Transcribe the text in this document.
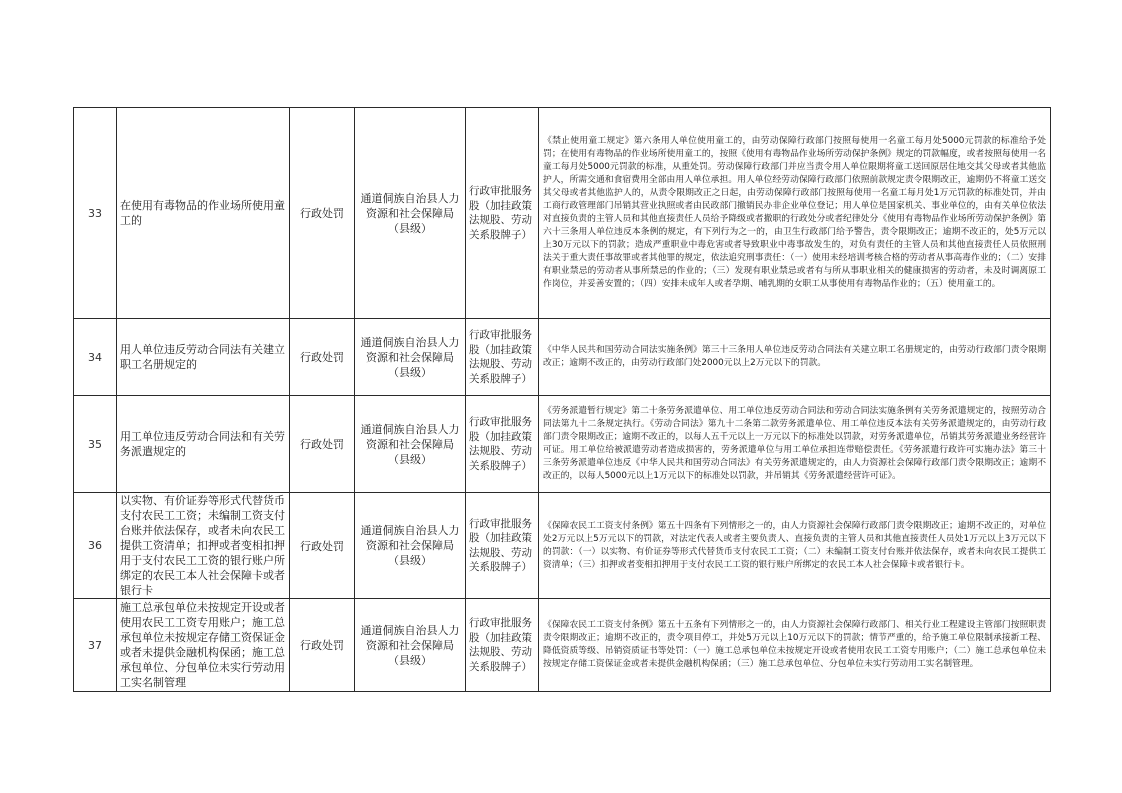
33	在使用有毒物品的作业场所使用童工的	行政处罚	通道侗族自治县人力资源和社会保障局（县级）	行政审批服务股（加挂政策法规股、劳动关系股牌子）	《禁止使用童工规定》第六条用人单位使用童工的，由劳动保障行政部门按照每使用一名童工每月处5000元罚款的标准给予处罚；在使用有毒物品的作业场所使用童工的，按照《使用有毒物品作业场所劳动保护条例》规定的罚款幅度，或者按照每使用一名童工每月处5000元罚款的标准，从重处罚。劳动保障行政部门并应当责令用人单位限期将童工送回原居住地交其父母或者其他监护人，所需交通和食宿费用全部由用人单位承担。用人单位经劳动保障行政部门依照前款规定责令限期改正，逾期仍不将童工送交其父母或者其他监护人的，从责令限期改正之日起，由劳动保障行政部门按照每使用一名童工每月处1万元罚款的标准处罚，并由工商行政管理部门吊销其营业执照或者由民政部门撤销民办非企业单位登记；用人单位是国家机关、事业单位的，由有关单位依法对直接负责的主管人员和其他直接责任人员给予降级或者撤职的行政处分或者纪律处分《使用有毒物品作业场所劳动保护条例》第六十三条用人单位违反本条例的规定，有下列行为之一的，由卫生行政部门给予警告，责令限期改正；逾期不改正的，处5万元以上30万元以下的罚款；造成严重职业中毒危害或者导致职业中毒事故发生的，对负有责任的主管人员和其他直接责任人员依照刑法关于重大责任事故罪或者其他罪的规定，依法追究刑事责任：（一）使用未经培训考核合格的劳动者从事高毒作业的；（二）安排有职业禁忌的劳动者从事所禁忌的作业的；（三）发现有职业禁忌或者有与所从事职业相关的健康损害的劳动者，未及时调离原工作岗位，并妥善安置的；（四）安排未成年人或者孕期、哺乳期的女职工从事使用有毒物品作业的；（五）使用童工的。
34	用人单位违反劳动合同法有关建立职工名册规定的	行政处罚	通道侗族自治县人力资源和社会保障局（县级）	行政审批服务股（加挂政策法规股、劳动关系股牌子）	《中华人民共和国劳动合同法实施条例》第三十三条用人单位违反劳动合同法有关建立职工名册规定的，由劳动行政部门责令限期改正；逾期不改正的，由劳动行政部门处2000元以上2万元以下的罚款。
35	用工单位违反劳动合同法和有关劳务派遣规定的	行政处罚	通道侗族自治县人力资源和社会保障局（县级）	行政审批服务股（加挂政策法规股、劳动关系股牌子）	《劳务派遣暂行规定》第二十条劳务派遣单位、用工单位违反劳动合同法和劳动合同法实施条例有关劳务派遣规定的，按照劳动合同法第九十二条规定执行。《劳动合同法》第九十二条第二款劳务派遣单位、用工单位违反本法有关劳务派遣规定的，由劳动行政部门责令限期改正；逾期不改正的，以每人五千元以上一万元以下的标准处以罚款，对劳务派遣单位，吊销其劳务派遣业务经营许可证。用工单位给被派遣劳动者造成损害的，劳务派遣单位与用工单位承担连带赔偿责任。《劳务派遣行政许可实施办法》第三十三条劳务派遣单位违反《中华人民共和国劳动合同法》有关劳务派遣规定的，由人力资源社会保障行政部门责令限期改正；逾期不改正的，以每人5000元以上1万元以下的标准处以罚款，并吊销其《劳务派遣经营许可证》。
36	以实物、有价证券等形式代替货币支付农民工工资；未编制工资支付台账并依法保存，或者未向农民工提供工资清单；扣押或者变相扣押用于支付农民工工资的银行账户所绑定的农民工本人社会保障卡或者银行卡	行政处罚	通道侗族自治县人力资源和社会保障局（县级）	行政审批服务股（加挂政策法规股、劳动关系股牌子）	《保障农民工工资支付条例》第五十四条有下列情形之一的，由人力资源社会保障行政部门责令限期改正；逾期不改正的，对单位处2万元以上5万元以下的罚款，对法定代表人或者主要负责人、直接负责的主管人员和其他直接责任人员处1万元以上3万元以下的罚款：（一）以实物、有价证券等形式代替货币支付农民工工资；（二）未编制工资支付台账并依法保存，或者未向农民工提供工资清单；（三）扣押或者变相扣押用于支付农民工工资的银行账户所绑定的农民工本人社会保障卡或者银行卡。
37	施工总承包单位未按规定开设或者使用农民工工资专用账户；施工总承包单位未按规定存储工资保证金或者未提供金融机构保函；施工总承包单位、分包单位未实行劳动用工实名制管理	行政处罚	通道侗族自治县人力资源和社会保障局（县级）	行政审批服务股（加挂政策法规股、劳动关系股牌子）	《保障农民工工资支付条例》第五十五条有下列情形之一的，由人力资源社会保障行政部门、相关行业工程建设主管部门按照职责责令限期改正；逾期不改正的，责令项目停工，并处5万元以上10万元以下的罚款；情节严重的，给予施工单位限制承接新工程、降低资质等级、吊销资质证书等处罚：（一）施工总承包单位未按规定开设或者使用农民工工资专用账户；（二）施工总承包单位未按规定存储工资保证金或者未提供金融机构保函；（三）施工总承包单位、分包单位未实行劳动用工实名制管理。
